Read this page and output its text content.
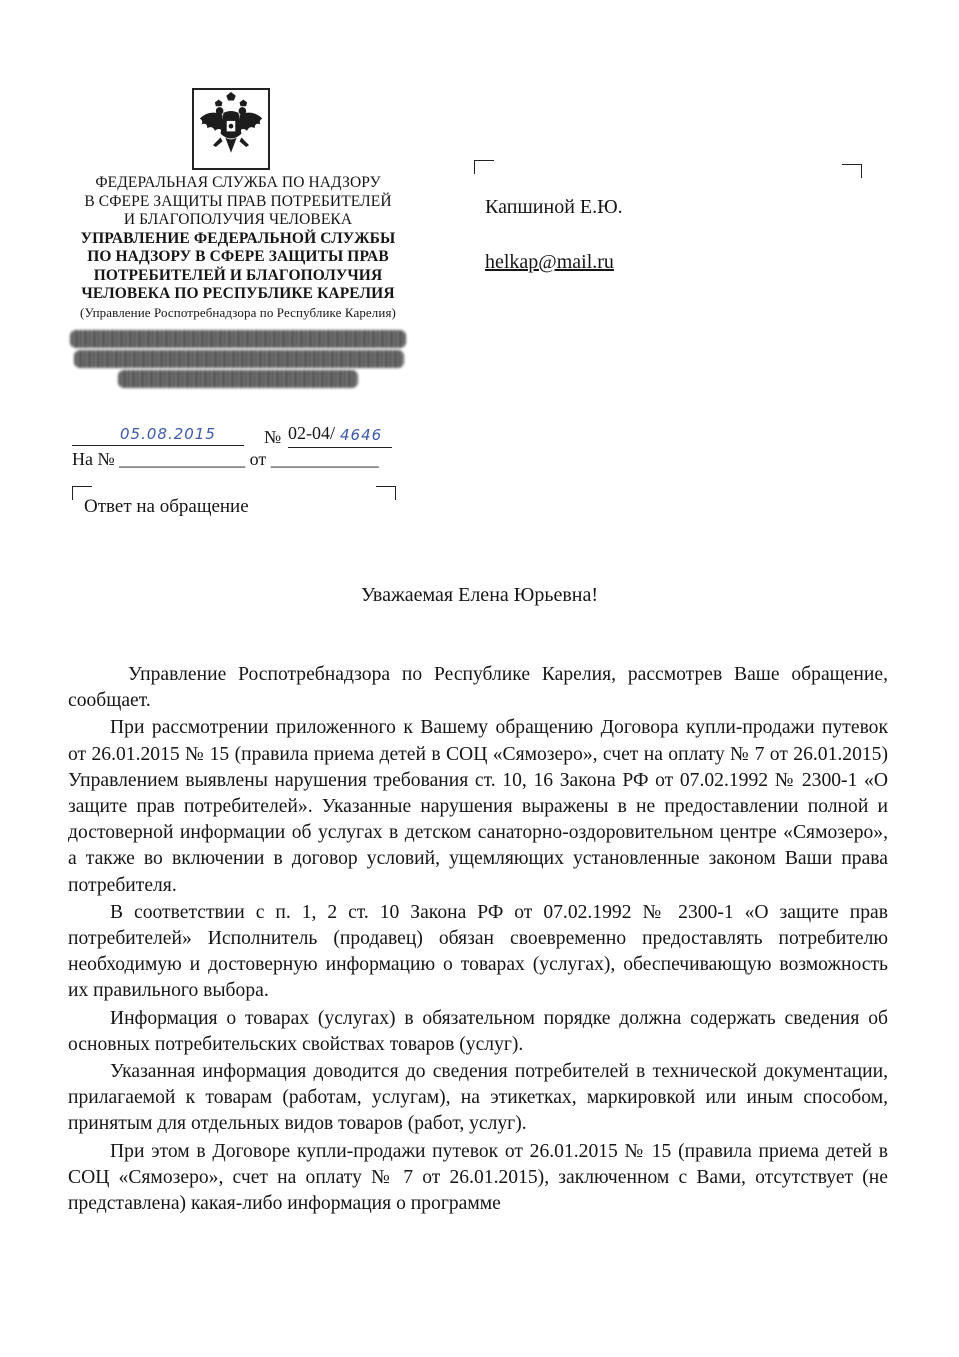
ФЕДЕРАЛЬНАЯ СЛУЖБА ПО НАДЗОРУ
В СФЕРЕ ЗАЩИТЫ ПРАВ ПОТРЕБИТЕЛЕЙ
И БЛАГОПОЛУЧИЯ ЧЕЛОВЕКА
УПРАВЛЕНИЕ ФЕДЕРАЛЬНОЙ СЛУЖБЫ
ПО НАДЗОРУ В СФЕРЕ ЗАЩИТЫ ПРАВ
ПОТРЕБИТЕЛЕЙ И БЛАГОПОЛУЧИЯ
ЧЕЛОВЕКА ПО РЕСПУБЛИКЕ КАРЕЛИЯ
(Управление Роспотребнадзора по Республике Карелия)
05.08.2015	№ 02-04/ 4646
На № ______________ от ____________
Ответ на обращение
Капшиной Е.Ю.
helkap@mail.ru
Уважаемая Елена Юрьевна!

Управление Роспотребнадзора по Республике Карелия, рассмотрев Ваше обращение, сообщает.

При рассмотрении приложенного к Вашему обращению Договора купли-продажи путевок от 26.01.2015 № 15 (правила приема детей в СОЦ «Сямозеро», счет на оплату № 7 от 26.01.2015) Управлением выявлены нарушения требования ст. 10, 16 Закона РФ от 07.02.1992 № 2300-1 «О защите прав потребителей». Указанные нарушения выражены в не предоставлении полной и достоверной информации об услугах в детском санаторно-оздоровительном центре «Сямозеро», а также во включении в договор условий, ущемляющих установленные законом Ваши права потребителя.

В соответствии с п. 1, 2 ст. 10 Закона РФ от 07.02.1992 № 2300-1 «О защите прав потребителей» Исполнитель (продавец) обязан своевременно предоставлять потребителю необходимую и достоверную информацию о товарах (услугах), обеспечивающую возможность их правильного выбора.

Информация о товарах (услугах) в обязательном порядке должна содержать сведения об основных потребительских свойствах товаров (услуг).

Указанная информация доводится до сведения потребителей в технической документации, прилагаемой к товарам (работам, услугам), на этикетках, маркировкой или иным способом, принятым для отдельных видов товаров (работ, услуг).

При этом в Договоре купли-продажи путевок от 26.01.2015 № 15 (правила приема детей в СОЦ «Сямозеро», счет на оплату № 7 от 26.01.2015), заключенном с Вами, отсутствует (не представлена) какая-либо информация о программе
